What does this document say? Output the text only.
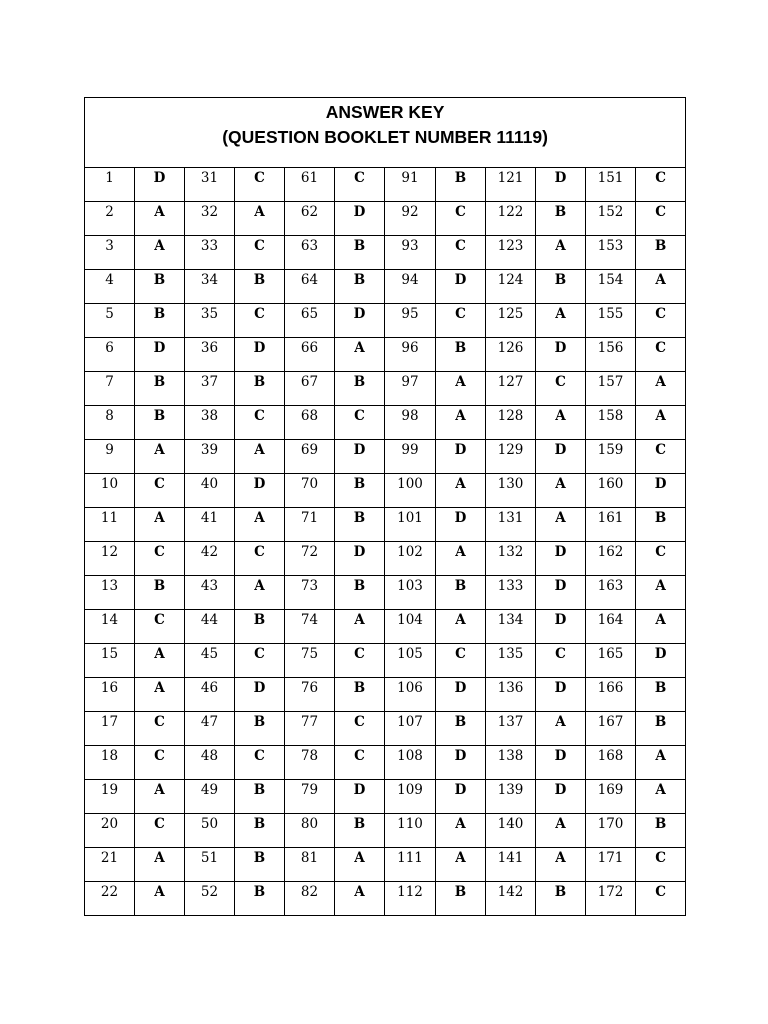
ANSWER KEY
(QUESTION BOOKLET NUMBER 11119)											

1	D	31	C	61	C	91	B	121	D	151	C

2	A	32	A	62	D	92	C	122	B	152	C

3	A	33	C	63	B	93	C	123	A	153	B

4	B	34	B	64	B	94	D	124	B	154	A

5	B	35	C	65	D	95	C	125	A	155	C

6	D	36	D	66	A	96	B	126	D	156	C

7	B	37	B	67	B	97	A	127	C	157	A

8	B	38	C	68	C	98	A	128	A	158	A

9	A	39	A	69	D	99	D	129	D	159	C

10	C	40	D	70	B	100	A	130	A	160	D

11	A	41	A	71	B	101	D	131	A	161	B

12	C	42	C	72	D	102	A	132	D	162	C

13	B	43	A	73	B	103	B	133	D	163	A

14	C	44	B	74	A	104	A	134	D	164	A

15	A	45	C	75	C	105	C	135	C	165	D

16	A	46	D	76	B	106	D	136	D	166	B

17	C	47	B	77	C	107	B	137	A	167	B

18	C	48	C	78	C	108	D	138	D	168	A

19	A	49	B	79	D	109	D	139	D	169	A

20	C	50	B	80	B	110	A	140	A	170	B

21	A	51	B	81	A	111	A	141	A	171	C

22	A	52	B	82	A	112	B	142	B	172	C
